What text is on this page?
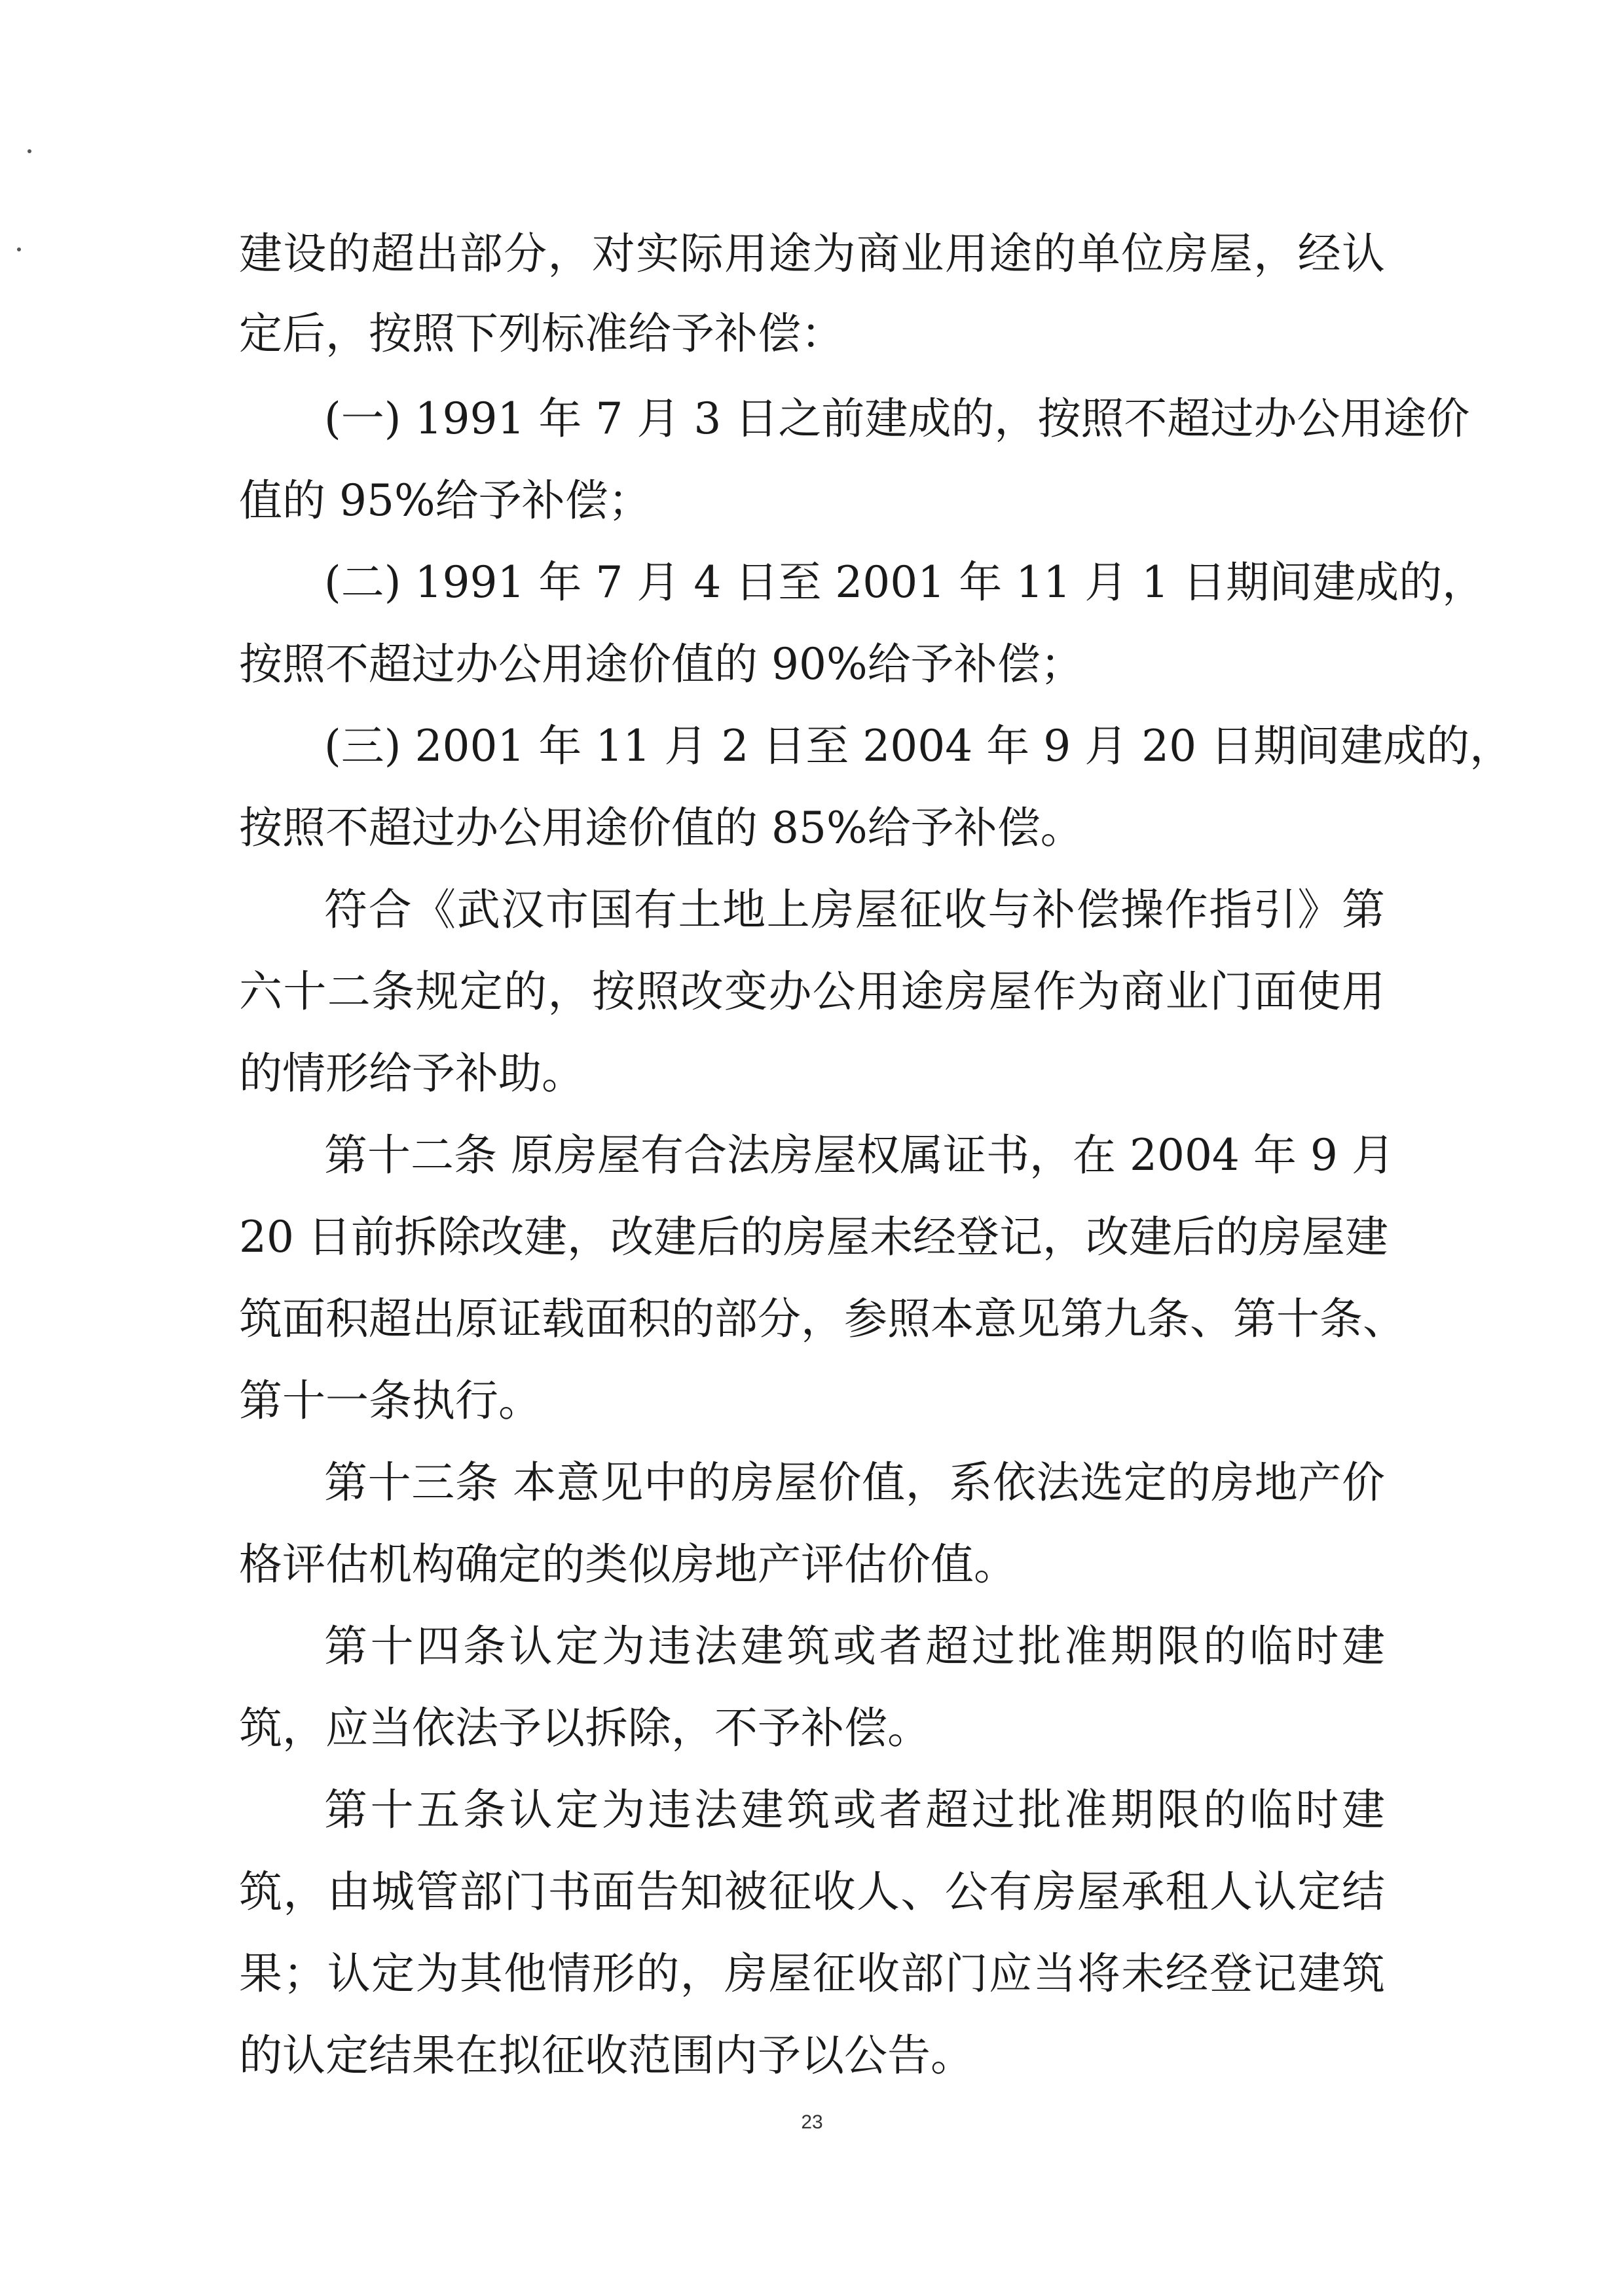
建设的超出部分，对实际用途为商业用途的单位房屋，经认
定后，按照下列标准给予补偿：
(一) 1991 年 7 月 3 日之前建成的，按照不超过办公用途价
值的 95%给予补偿；
(二) 1991 年 7 月 4 日至 2001 年 11 月 1 日期间建成的，
按照不超过办公用途价值的 90%给予补偿；
(三) 2001 年 11 月 2 日至 2004 年 9 月 20 日期间建成的，
按照不超过办公用途价值的 85%给予补偿。
符合《武汉市国有土地上房屋征收与补偿操作指引》第
六十二条规定的，按照改变办公用途房屋作为商业门面使用
的情形给予补助。
第十二条 原房屋有合法房屋权属证书，在 2004 年 9 月
20 日前拆除改建，改建后的房屋未经登记，改建后的房屋建
筑面积超出原证载面积的部分，参照本意见第九条、第十条、
第十一条执行。
第十三条 本意见中的房屋价值，系依法选定的房地产价
格评估机构确定的类似房地产评估价值。
第十四条认定为违法建筑或者超过批准期限的临时建
筑，应当依法予以拆除，不予补偿。
第十五条认定为违法建筑或者超过批准期限的临时建
筑，由城管部门书面告知被征收人、公有房屋承租人认定结
果；认定为其他情形的，房屋征收部门应当将未经登记建筑
的认定结果在拟征收范围内予以公告。
23
